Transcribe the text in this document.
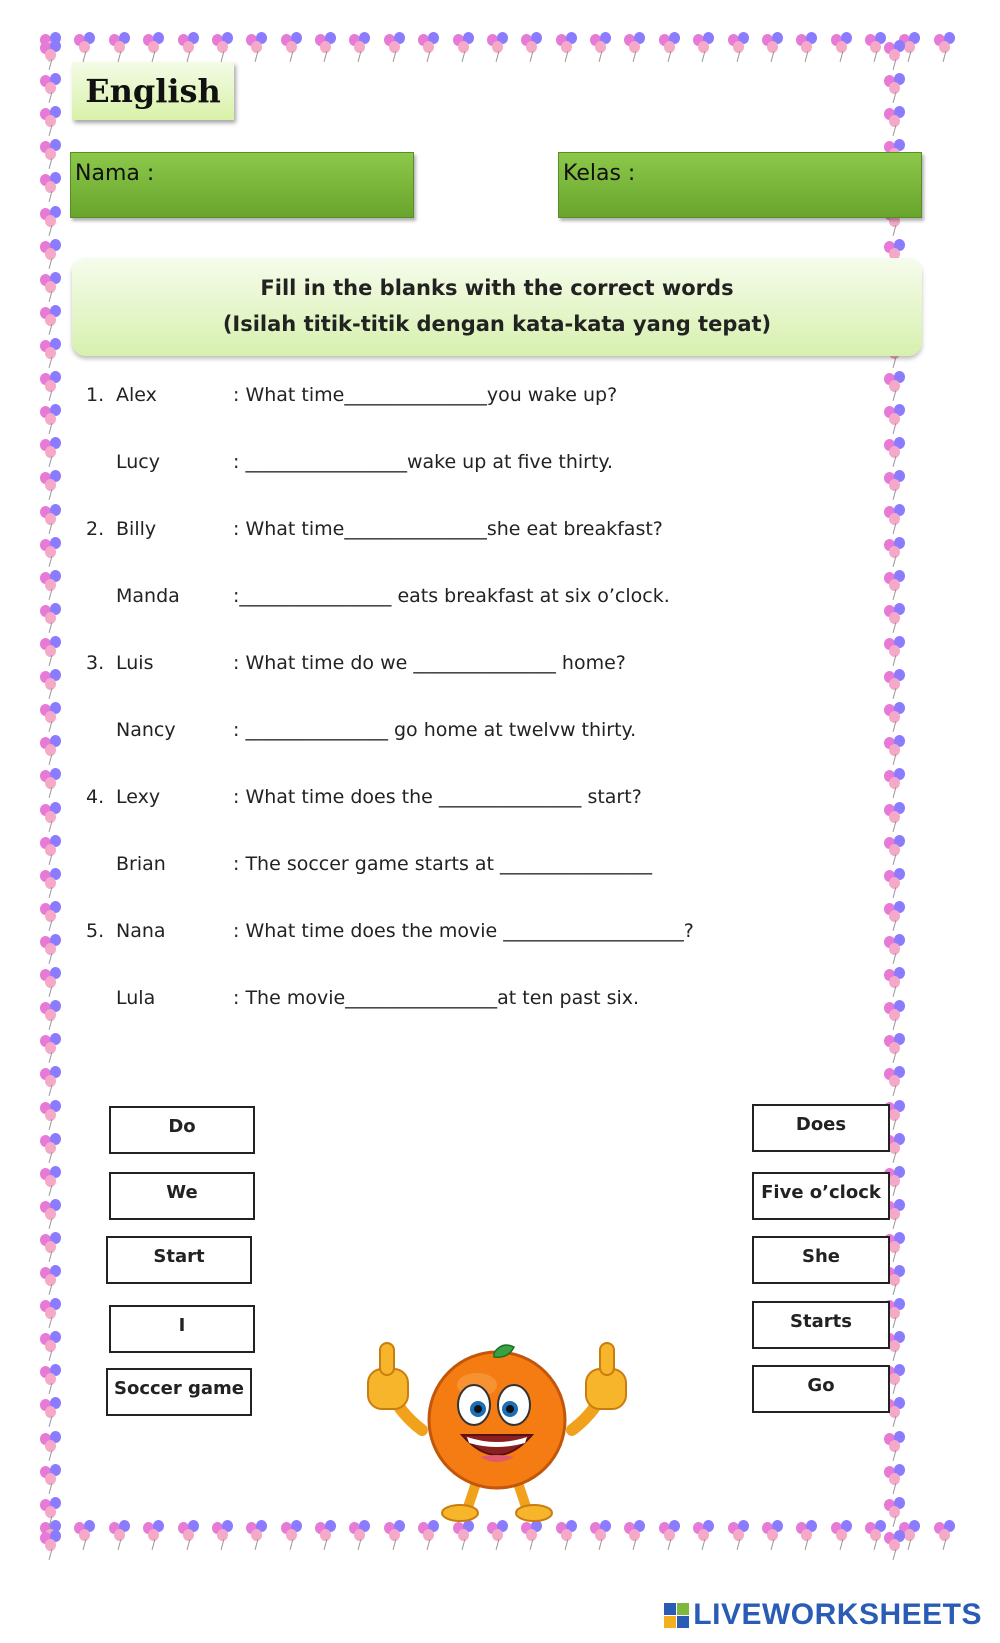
English
Nama :	Kelas :
Fill in the blanks with the correct words
(Isilah titik-titik dengan kata-kata yang tepat)
1. Alex	: What time_______________you wake up?
Lucy	: _________________wake up at five thirty.
2. Billy	: What time_______________she eat breakfast?
Manda	:________________ eats breakfast at six o’clock.
3. Luis	: What time do we _______________ home?
Nancy	: _______________ go home at twelvw thirty.
4. Lexy	: What time does the _______________ start?
Brian	: The soccer game starts at ________________
5. Nana	: What time does the movie ___________________?
Lula	: The movie________________at ten past six.
Do
We
Start
I
Soccer game
Does
Five o’clock
She
Starts
Go
LIVEWORKSHEETS
